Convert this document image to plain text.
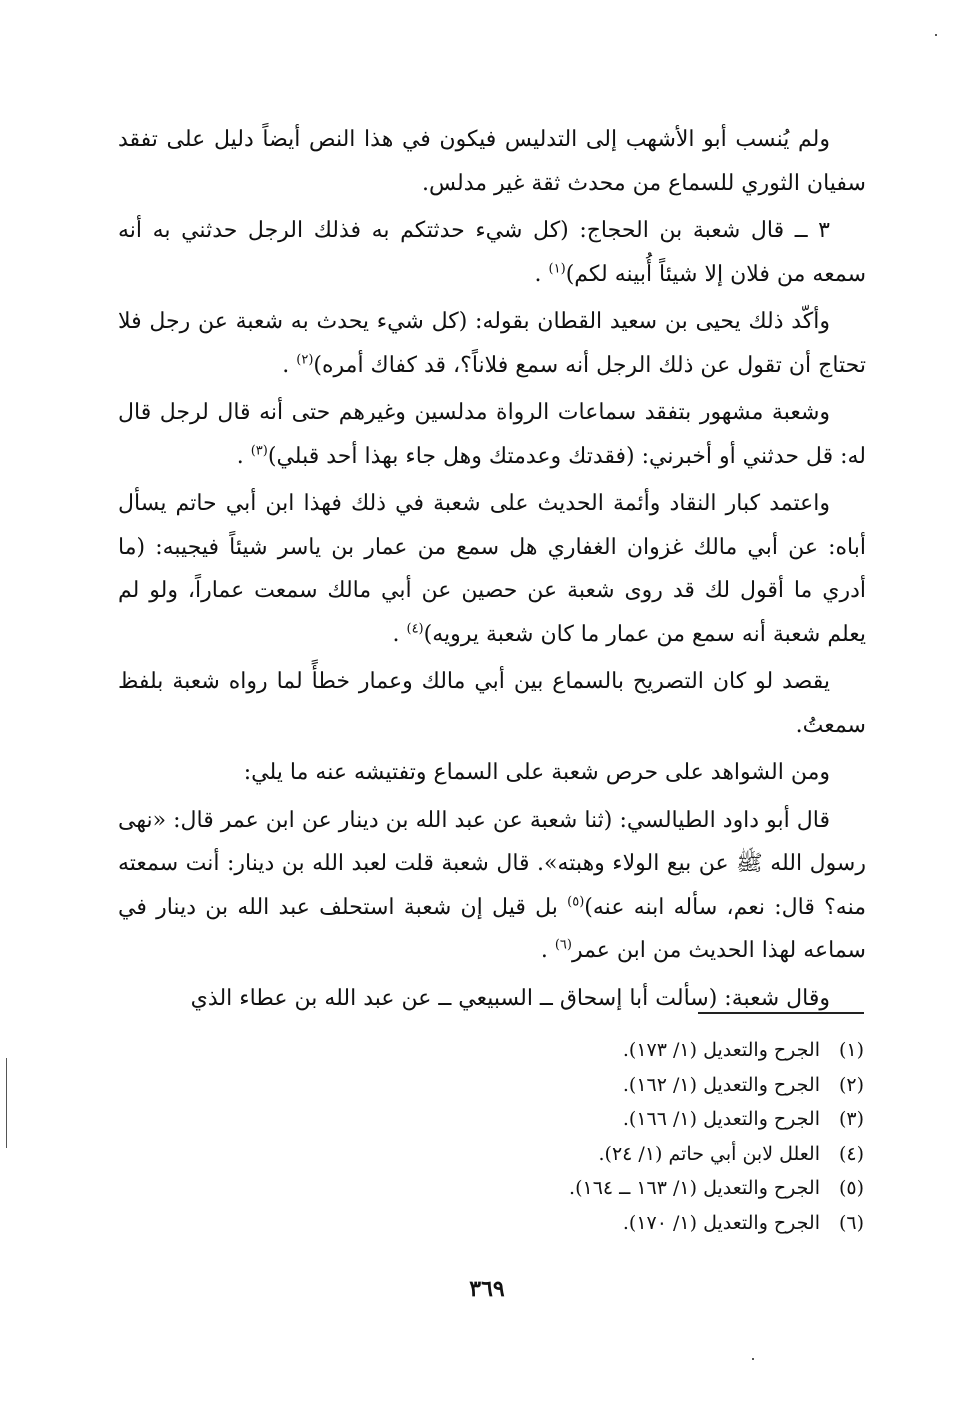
ولم يُنسب أبو الأشهب إلى التدليس فيكون في هذا النص أيضاً دليل على تفقد سفيان الثوري للسماع من محدث ثقة غير مدلس.

٣ ــ قال شعبة بن الحجاج: (كل شيء حدثتكم به فذلك الرجل حدثني به أنه سمعه من فلان إلا شيئاً أُبينه لكم)$^{(١)}$ .

وأكّد ذلك يحيى بن سعيد القطان بقوله: (كل شيء يحدث به شعبة عن رجل فلا تحتاج أن تقول عن ذلك الرجل أنه سمع فلاناً؟، قد كفاك أمره)$^{(٢)}$ .

وشعبة مشهور بتفقد سماعات الرواة مدلسين وغيرهم حتى أنه قال لرجل قال له: قل حدثني أو أخبرني: (فقدتك وعدمتك وهل جاء بهذا أحد قبلي)$^{(٣)}$ .

واعتمد كبار النقاد وأئمة الحديث على شعبة في ذلك فهذا ابن أبي حاتم يسأل أباه: عن أبي مالك غزوان الغفاري هل سمع من عمار بن ياسر شيئاً فيجيبه: (ما أدري ما أقول لك قد روى شعبة عن حصين عن أبي مالك سمعت عماراً، ولو لم يعلم شعبة أنه سمع من عمار ما كان شعبة يرويه)$^{(٤)}$ .

يقصد لو كان التصريح بالسماع بين أبي مالك وعمار خطأً لما رواه شعبة بلفظ سمعتُ.

ومن الشواهد على حرص شعبة على السماع وتفتيشه عنه ما يلي:

قال أبو داود الطيالسي: (ثنا شعبة عن عبد الله بن دينار عن ابن عمر قال: «نهى رسول الله ﷺ عن بيع الولاء وهبته». قال شعبة قلت لعبد الله بن دينار: أنت سمعته منه؟ قال: نعم، سأله ابنه عنه)$^{(٥)}$ بل قيل إن شعبة استحلف عبد الله بن دينار في سماعه لهذا الحديث من ابن عمر$^{(٦)}$ .

وقال شعبة: (سألت أبا إسحاق ــ السبيعي ــ عن عبد الله بن عطاء الذي

(١)الجرح والتعديل (١/ ١٧٣).
(٢)الجرح والتعديل (١/ ١٦٢).
(٣)الجرح والتعديل (١/ ١٦٦).
(٤)العلل لابن أبي حاتم (١/ ٢٤).
(٥)الجرح والتعديل (١/ ١٦٣ ــ ١٦٤).
(٦)الجرح والتعديل (١/ ١٧٠).
٣٦٩
